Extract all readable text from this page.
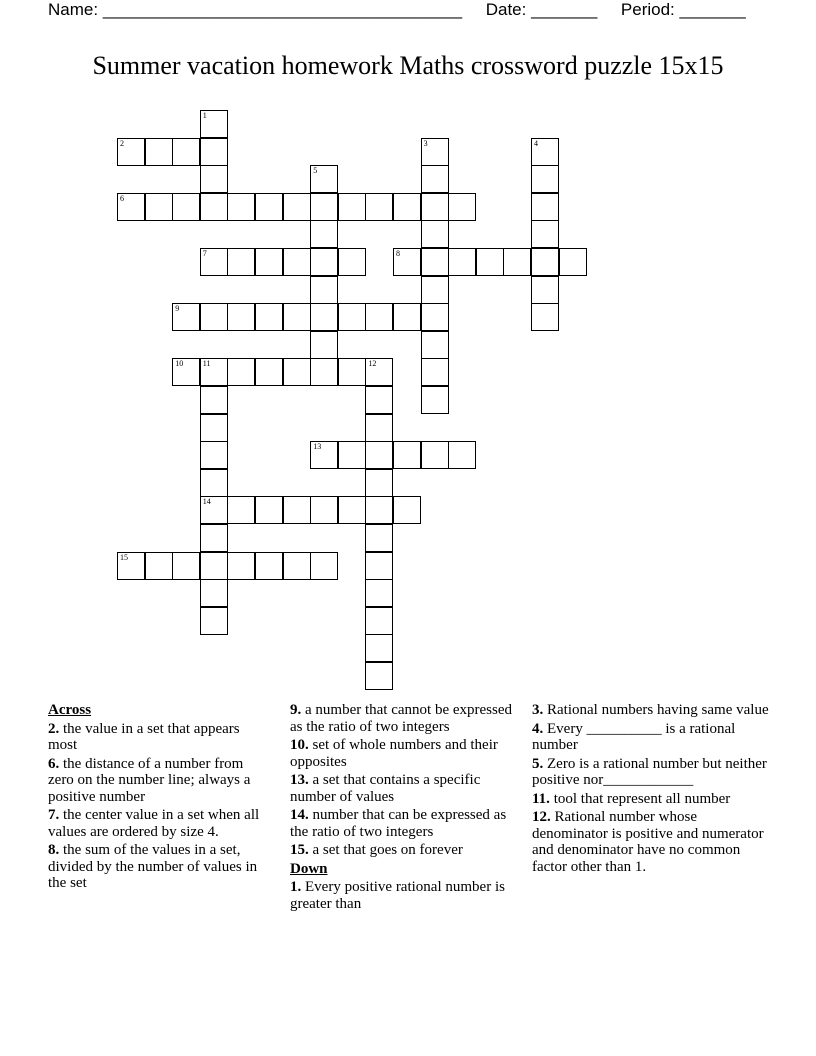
Name: ______________________________________ Date: _______ Period: _______
Summer vacation homework Maths crossword puzzle 15x15
1
2	3	4
5
6
7	8
9
10 11	12
14
13
15
Across
2. the value in a set that appears most
6. the distance of a number from zero on the number line; always a positive number
7. the center value in a set when all values are ordered by size 4.
8. the sum of the values in a set, divided by the number of values in the set
9. a number that cannot be expressed as the ratio of two integers
10. set of whole numbers and their opposites
13. a set that contains a specific number of values
14. number that can be expressed as the ratio of two integers
15. a set that goes on forever
Down
1. Every positive rational number is greater than
3. Rational numbers having same value
4. Every __________ is a rational number
5. Zero is a rational number but neither positive nor____________
11. tool that represent all number
12. Rational number whose denominator is positive and numerator and denominator have no common factor other than 1.
